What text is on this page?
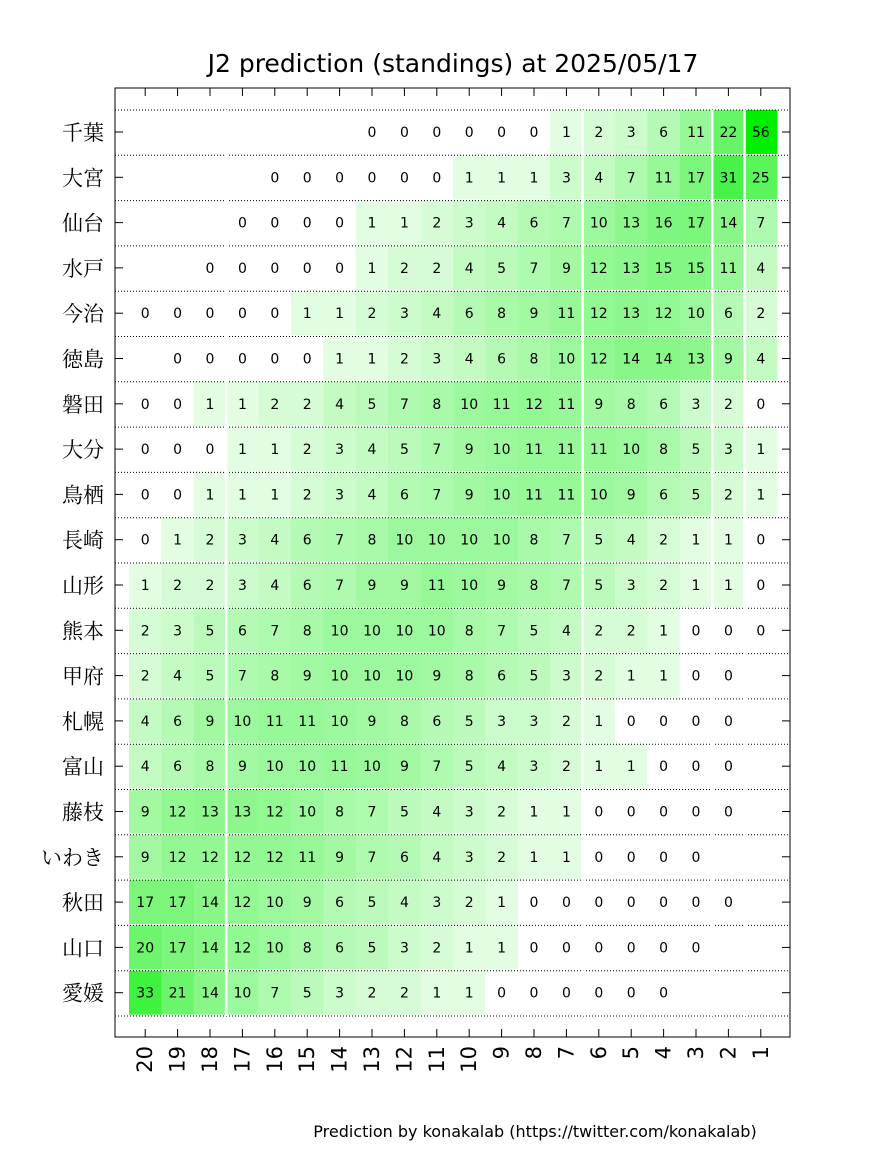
J2 prediction (standings) at 2025/05/17
千葉
大宮
仙台
水戸
今治
徳島
磐田
大分
鳥栖
長崎
山形
熊本
甲府
札幌
富山
藤枝
いわき
秋田
山口
愛媛
20 19 18 17 16 15 14 13 12 11 10 9 8 7 6 5 4 3 2 1
0 0 0 0 0 0 1 2 3 6 11 22 56
0 0 0 0 0 0 1 1 1 3 4 7 11 17 31 25
0 0 0 0 1 1 2 3 4 6 7 10 13 16 17 14 7
0 0 0 0 0 1 2 2 4 5 7 9 12 13 15 15 11 4
0 0 0 0 0 1 1 2 3 4 6 8 9 11 12 13 12 10 6 2
0 0 0 0 0 1 1 2 3 4 6 8 10 12 14 14 13 9 4
0 0 1 1 2 2 4 5 7 8 10 11 12 11 9 8 6 3 2 0
0 0 0 1 1 2 3 4 5 7 9 10 11 11 11 10 8 5 3 1
0 0 1 1 1 2 3 4 6 7 9 10 11 11 10 9 6 5 2 1
0 1 2 3 4 6 7 8 10 10 10 10 8 7 5 4 2 1 1 0
1 2 2 3 4 6 7 9 9 11 10 9 8 7 5 3 2 1 1 0
2 3 5 6 7 8 10 10 10 10 8 7 5 4 2 2 1 0 0 0
2 4 5 7 8 9 10 10 10 9 8 6 5 3 2 1 1 0 0
4 6 9 10 11 11 10 9 8 6 5 3 3 2 1 0 0 0 0
4 6 8 9 10 10 11 10 9 7 5 4 3 2 1 1 0 0 0
9 12 13 13 12 10 8 7 5 4 3 2 1 1 0 0 0 0 0
9 12 12 12 12 11 9 7 6 4 3 2 1 1 0 0 0 0
17 17 14 12 10 9 6 5 4 3 2 1 0 0 0 0 0 0 0
20 17 14 12 10 8 6 5 3 2 1 1 0 0 0 0 0 0
33 21 14 10 7 5 3 2 2 1 1 0 0 0 0 0 0
Prediction by konakalab (https://twitter.com/konakalab)
